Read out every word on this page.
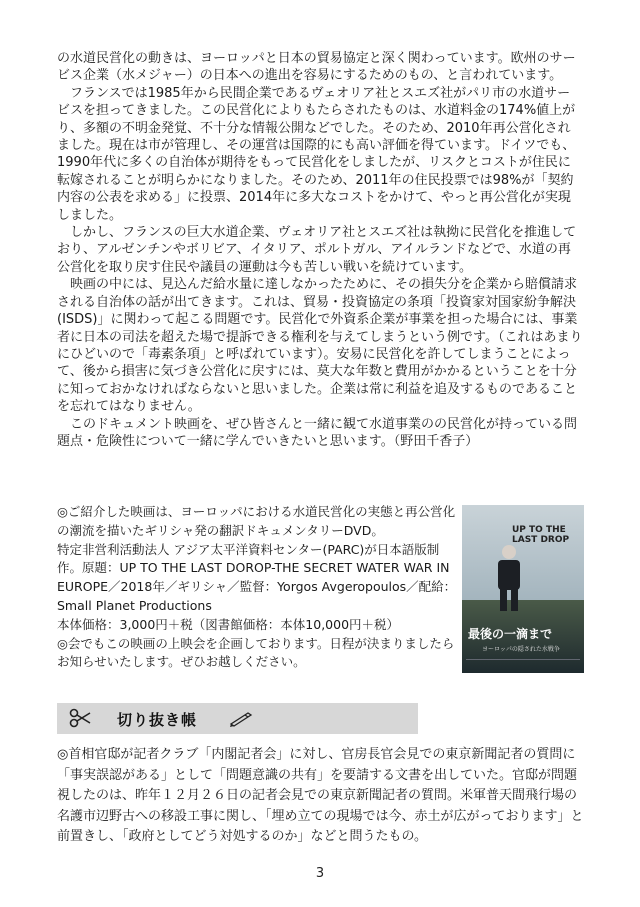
の水道民営化の動きは、ヨーロッパと日本の貿易協定と深く関わっています。欧州のサービス企業（水メジャー）の日本への進出を容易にするためのもの、と言われています。

フランスでは1985年から民間企業であるヴェオリア社とスエズ社がパリ市の水道サービスを担ってきました。この民営化によりもたらされたものは、水道料金の174%値上がり、多額の不明金発覚、不十分な情報公開などでした。そのため、2010年再公営化されました。現在は市が管理し、その運営は国際的にも高い評価を得ています。ドイツでも、1990年代に多くの自治体が期待をもって民営化をしましたが、リスクとコストが住民に転嫁されることが明らかになりました。そのため、2011年の住民投票では98%が「契約内容の公表を求める」に投票、2014年に多大なコストをかけて、やっと再公営化が実現しました。

しかし、フランスの巨大水道企業、ヴェオリア社とスエズ社は執拗に民営化を推進しており、アルゼンチンやボリビア、イタリア、ポルトガル、アイルランドなどで、水道の再公営化を取り戻す住民や議員の運動は今も苦しい戦いを続けています。

映画の中には、見込んだ給水量に達しなかったために、その損失分を企業から賠償請求される自治体の話が出てきます。これは、貿易・投資協定の条項「投資家対国家紛争解決(ISDS)」に関わって起こる問題です。民営化で外資系企業が事業を担った場合には、事業者に日本の司法を超えた場で提訴できる権利を与えてしまうという例です。（これはあまりにひどいので「毒素条項」と呼ばれています）。安易に民営化を許してしまうことによって、後から損害に気づき公営化に戻すには、莫大な年数と費用がかかるということを十分に知っておかなければならないと思いました。企業は常に利益を追及するものであることを忘れてはなりません。

このドキュメント映画を、ぜひ皆さんと一緒に観て水道事業のの民営化が持っている問題点・危険性について一緒に学んでいきたいと思います。（野田千香子）

◎ご紹介した映画は、ヨーロッパにおける水道民営化の実態と再公営化の潮流を描いたギリシャ発の翻訳ドキュメンタリーDVD。

特定非営利活動法人 アジア太平洋資料センター(PARC)が日本語版制作。原題：UP TO THE LAST DOROP-THE SECRET WATER WAR IN EUROPE／2018年／ギリシャ／監督：Yorgos Avgeropoulos／配給：Small Planet Productions

本体価格：3,000円＋税（図書館価格：本体10,000円＋税）

◎会でもこの映画の上映会を企画しております。日程が決まりましたらお知らせいたします。ぜひお越しください。

UP TO THE LAST DROP
最後の一滴まで
ヨーロッパの隠された水戦争
切り抜き帳

◎首相官邸が記者クラブ「内閣記者会」に対し、官房長官会見での東京新聞記者の質問に「事実誤認がある」として「問題意識の共有」を要請する文書を出していた。官邸が問題視したのは、昨年１２月２６日の記者会見での東京新聞記者の質問。米軍普天間飛行場の名護市辺野古への移設工事に関し、「埋め立ての現場では今、赤土が広がっております」と前置きし、「政府としてどう対処するのか」などと問うたもの。

3
